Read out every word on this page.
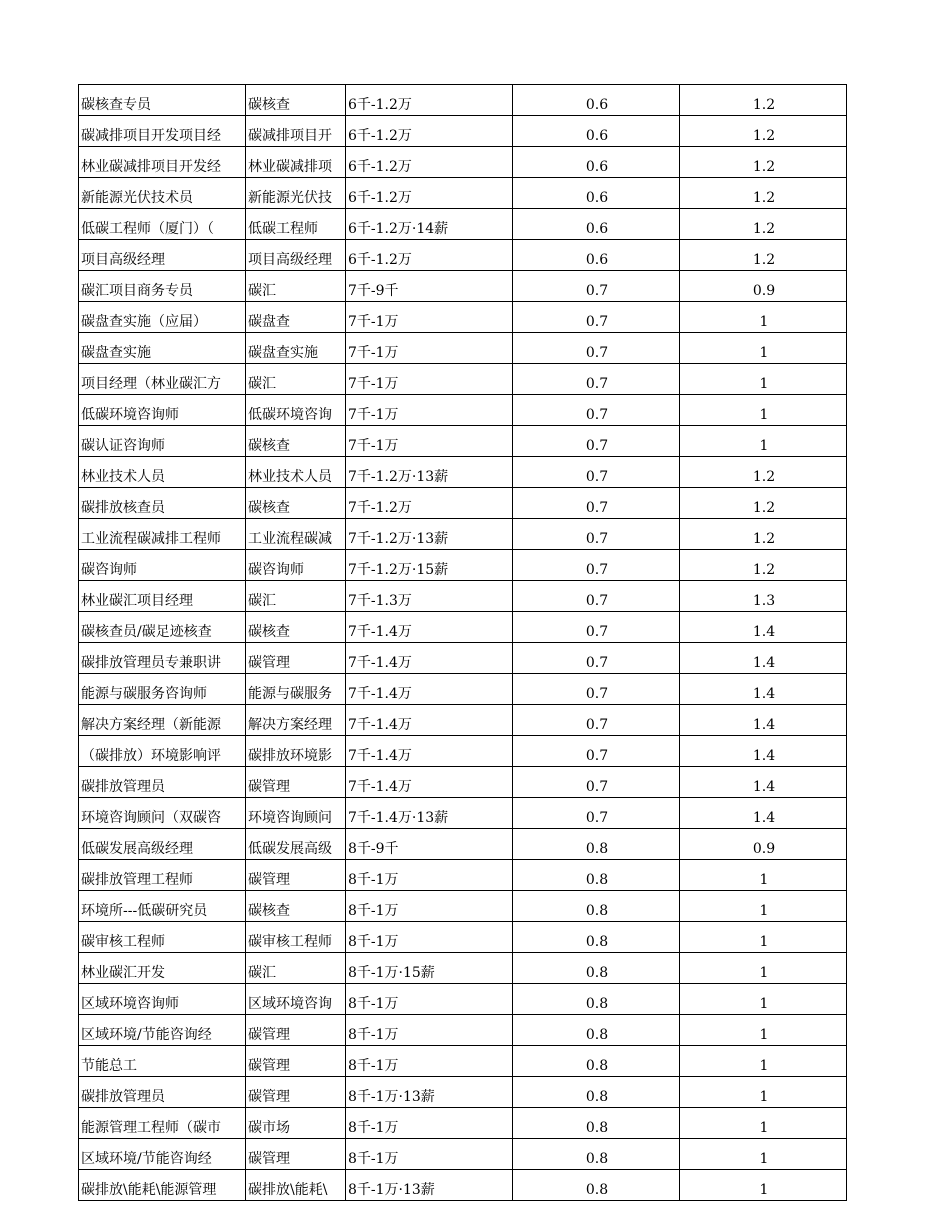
碳核查专员	碳核查	6千-1.2万	0.6	1.2
碳减排项目开发项目经	碳减排项目开	6千-1.2万	0.6	1.2
林业碳减排项目开发经	林业碳减排项	6千-1.2万	0.6	1.2
新能源光伏技术员	新能源光伏技	6千-1.2万	0.6	1.2
低碳工程师（厦门）（	低碳工程师	6千-1.2万·14薪	0.6	1.2
项目高级经理	项目高级经理	6千-1.2万	0.6	1.2
碳汇项目商务专员	碳汇	7千-9千	0.7	0.9
碳盘查实施（应届）	碳盘查	7千-1万	0.7	1
碳盘查实施	碳盘查实施	7千-1万	0.7	1
项目经理（林业碳汇方	碳汇	7千-1万	0.7	1
低碳环境咨询师	低碳环境咨询	7千-1万	0.7	1
碳认证咨询师	碳核查	7千-1万	0.7	1
林业技术人员	林业技术人员	7千-1.2万·13薪	0.7	1.2
碳排放核查员	碳核查	7千-1.2万	0.7	1.2
工业流程碳减排工程师	工业流程碳减	7千-1.2万·13薪	0.7	1.2
碳咨询师	碳咨询师	7千-1.2万·15薪	0.7	1.2
林业碳汇项目经理	碳汇	7千-1.3万	0.7	1.3
碳核查员/碳足迹核查	碳核查	7千-1.4万	0.7	1.4
碳排放管理员专兼职讲	碳管理	7千-1.4万	0.7	1.4
能源与碳服务咨询师	能源与碳服务	7千-1.4万	0.7	1.4
解决方案经理（新能源	解决方案经理	7千-1.4万	0.7	1.4
（碳排放）环境影响评	碳排放环境影	7千-1.4万	0.7	1.4
碳排放管理员	碳管理	7千-1.4万	0.7	1.4
环境咨询顾问（双碳咨	环境咨询顾问	7千-1.4万·13薪	0.7	1.4
低碳发展高级经理	低碳发展高级	8千-9千	0.8	0.9
碳排放管理工程师	碳管理	8千-1万	0.8	1
环境所---低碳研究员	碳核查	8千-1万	0.8	1
碳审核工程师	碳审核工程师	8千-1万	0.8	1
林业碳汇开发	碳汇	8千-1万·15薪	0.8	1
区域环境咨询师	区域环境咨询	8千-1万	0.8	1
区域环境/节能咨询经	碳管理	8千-1万	0.8	1
节能总工	碳管理	8千-1万	0.8	1
碳排放管理员	碳管理	8千-1万·13薪	0.8	1
能源管理工程师（碳市	碳市场	8千-1万	0.8	1
区域环境/节能咨询经	碳管理	8千-1万	0.8	1
碳排放\能耗\能源管理	碳排放\能耗\	8千-1万·13薪	0.8	1
